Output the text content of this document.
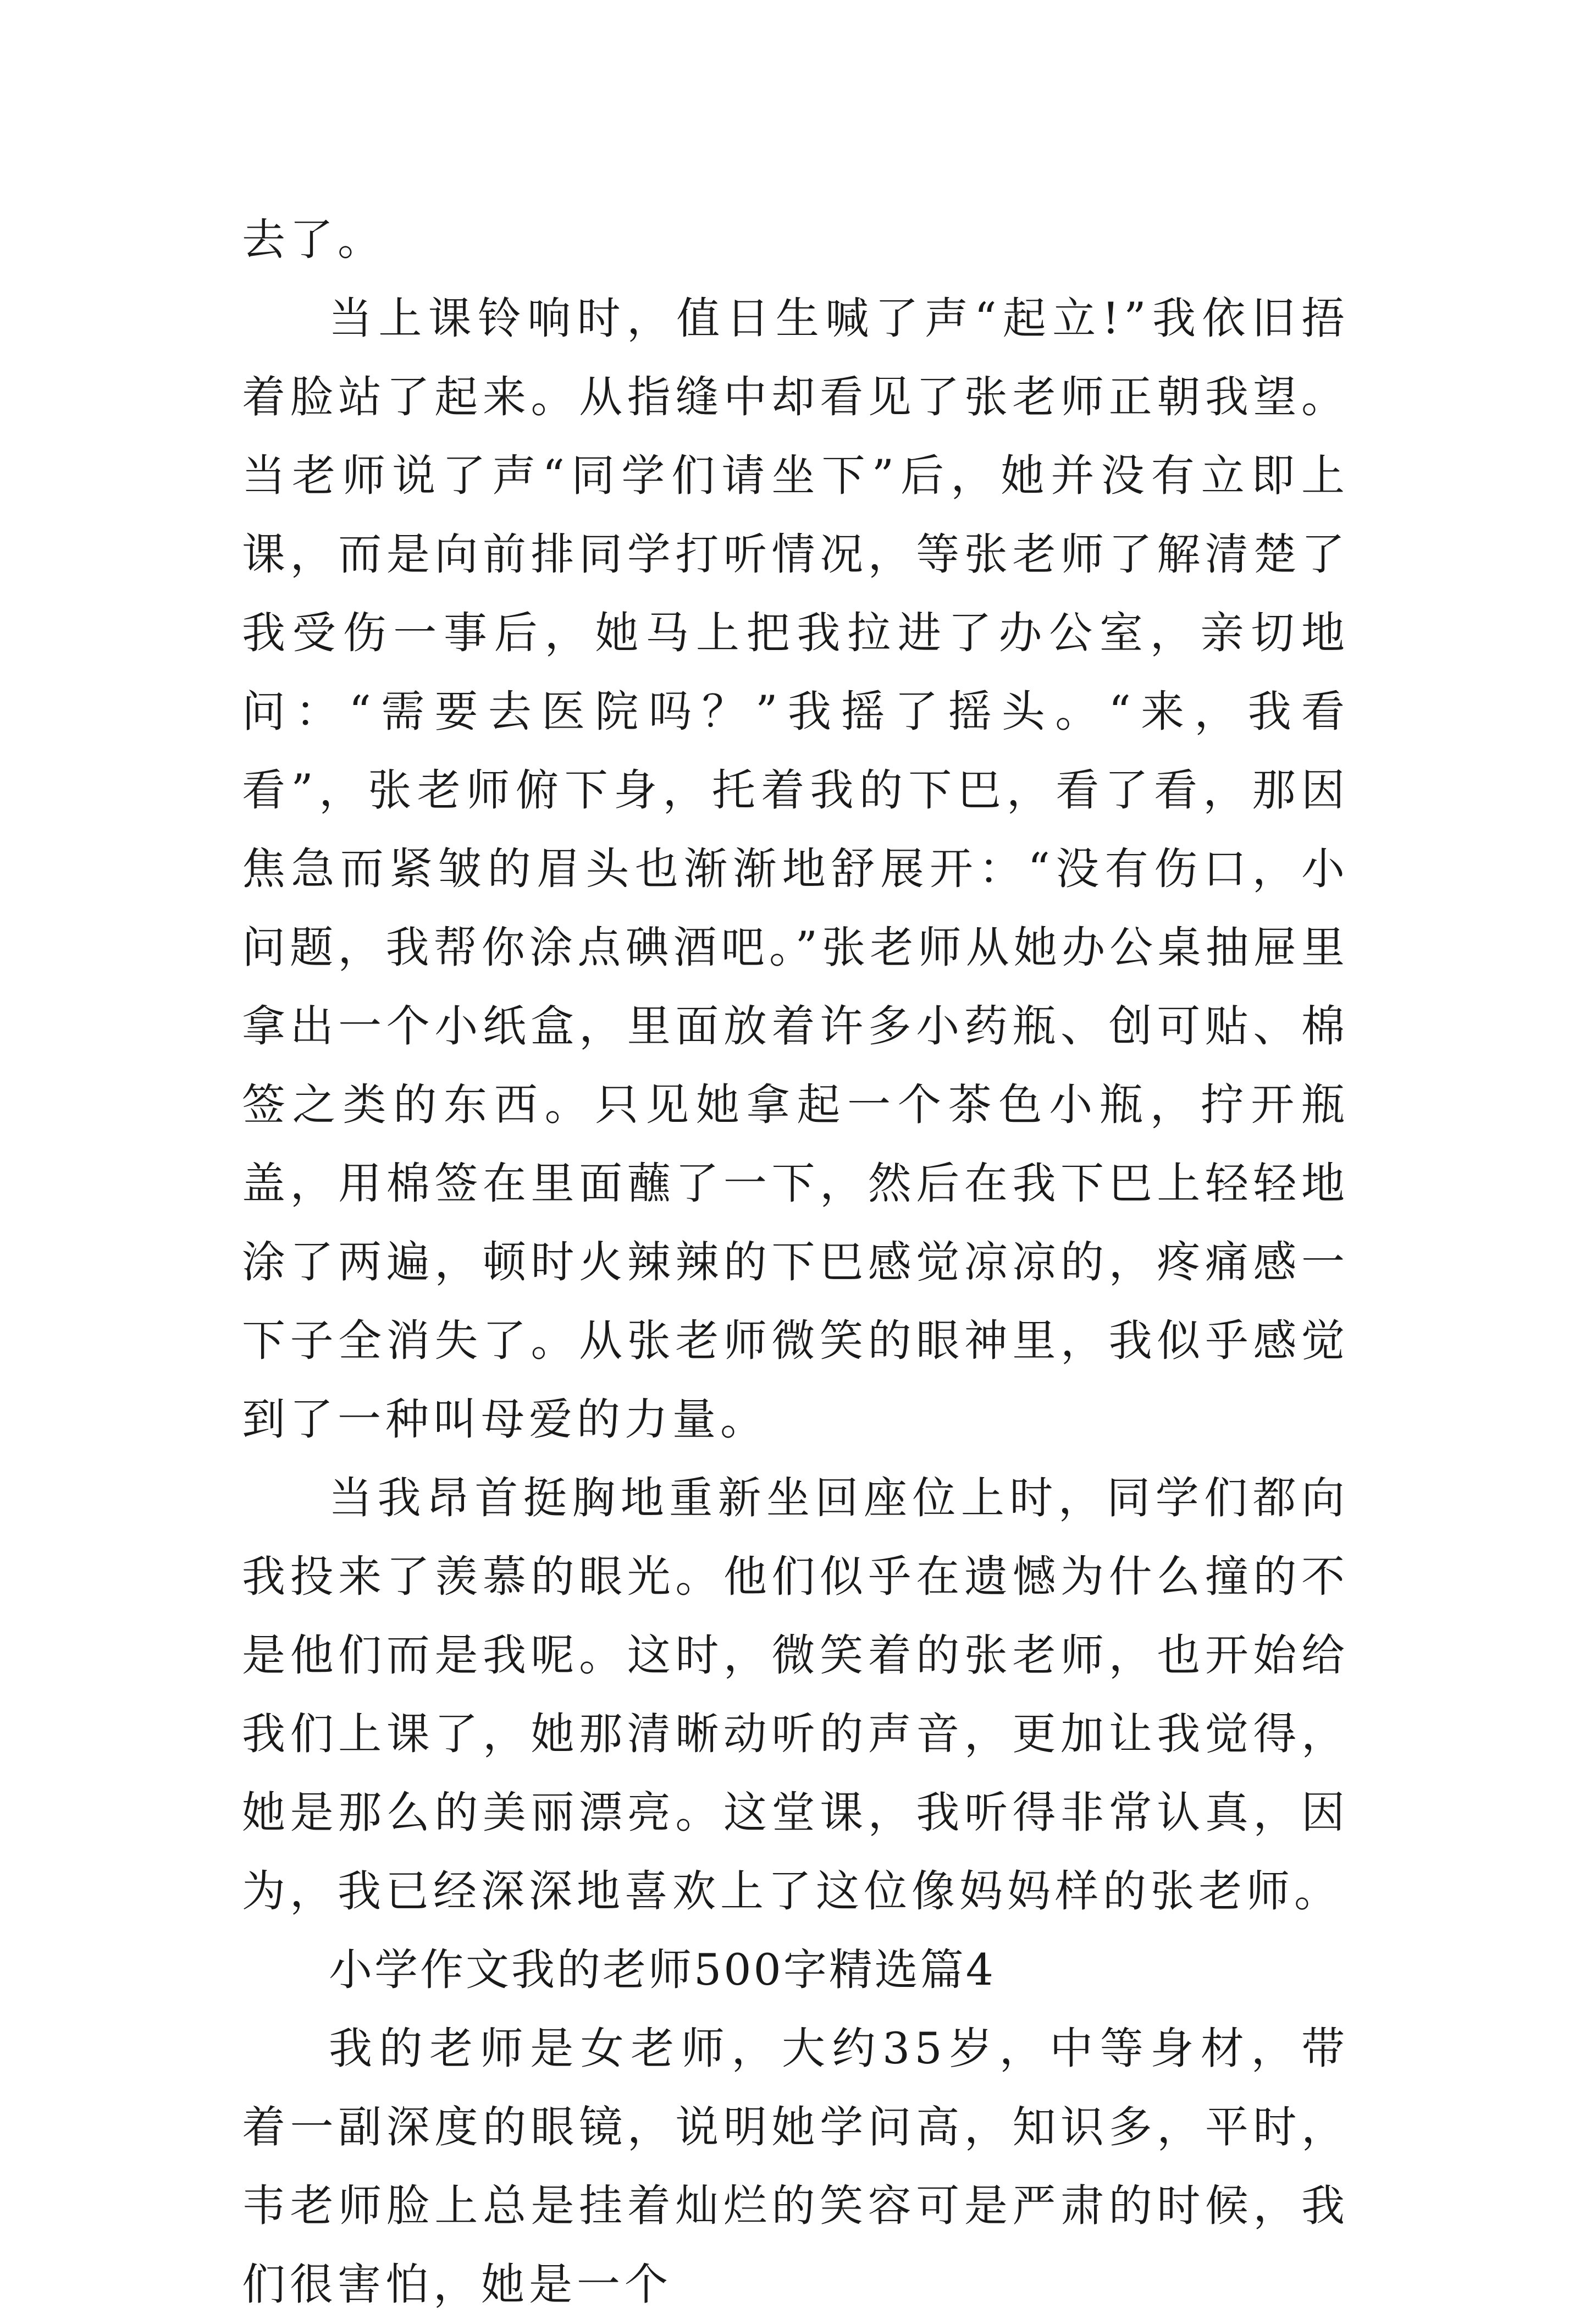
去了。

当上课铃响时，值日生喊了声“起立!”我依旧捂着脸站了起来。从指缝中却看见了张老师正朝我望。当老师说了声“同学们请坐下”后，她并没有立即上课，而是向前排同学打听情况，等张老师了解清楚了我受伤一事后，她马上把我拉进了办公室，亲切地问：“需要去医院吗？”我摇了摇头。“来，我看看”，张老师俯下身，托着我的下巴，看了看，那因焦急而紧皱的眉头也渐渐地舒展开：“没有伤口，小问题，我帮你涂点碘酒吧。”张老师从她办公桌抽屉里拿出一个小纸盒，里面放着许多小药瓶、创可贴、棉签之类的东西。只见她拿起一个茶色小瓶，拧开瓶盖，用棉签在里面蘸了一下，然后在我下巴上轻轻地涂了两遍，顿时火辣辣的下巴感觉凉凉的，疼痛感一下子全消失了。从张老师微笑的眼神里，我似乎感觉到了一种叫母爱的力量。

当我昂首挺胸地重新坐回座位上时，同学们都向我投来了羡慕的眼光。他们似乎在遗憾为什么撞的不是他们而是我呢。这时，微笑着的张老师，也开始给我们上课了，她那清晰动听的声音，更加让我觉得，她是那么的美丽漂亮。这堂课，我听得非常认真，因为，我已经深深地喜欢上了这位像妈妈样的张老师。

小学作文我的老师500字精选篇4

我的老师是女老师，大约35岁，中等身材，带着一副深度的眼镜，说明她学问高，知识多，平时，韦老师脸上总是挂着灿烂的笑容可是严肃的时候，我们很害怕，她是一个
